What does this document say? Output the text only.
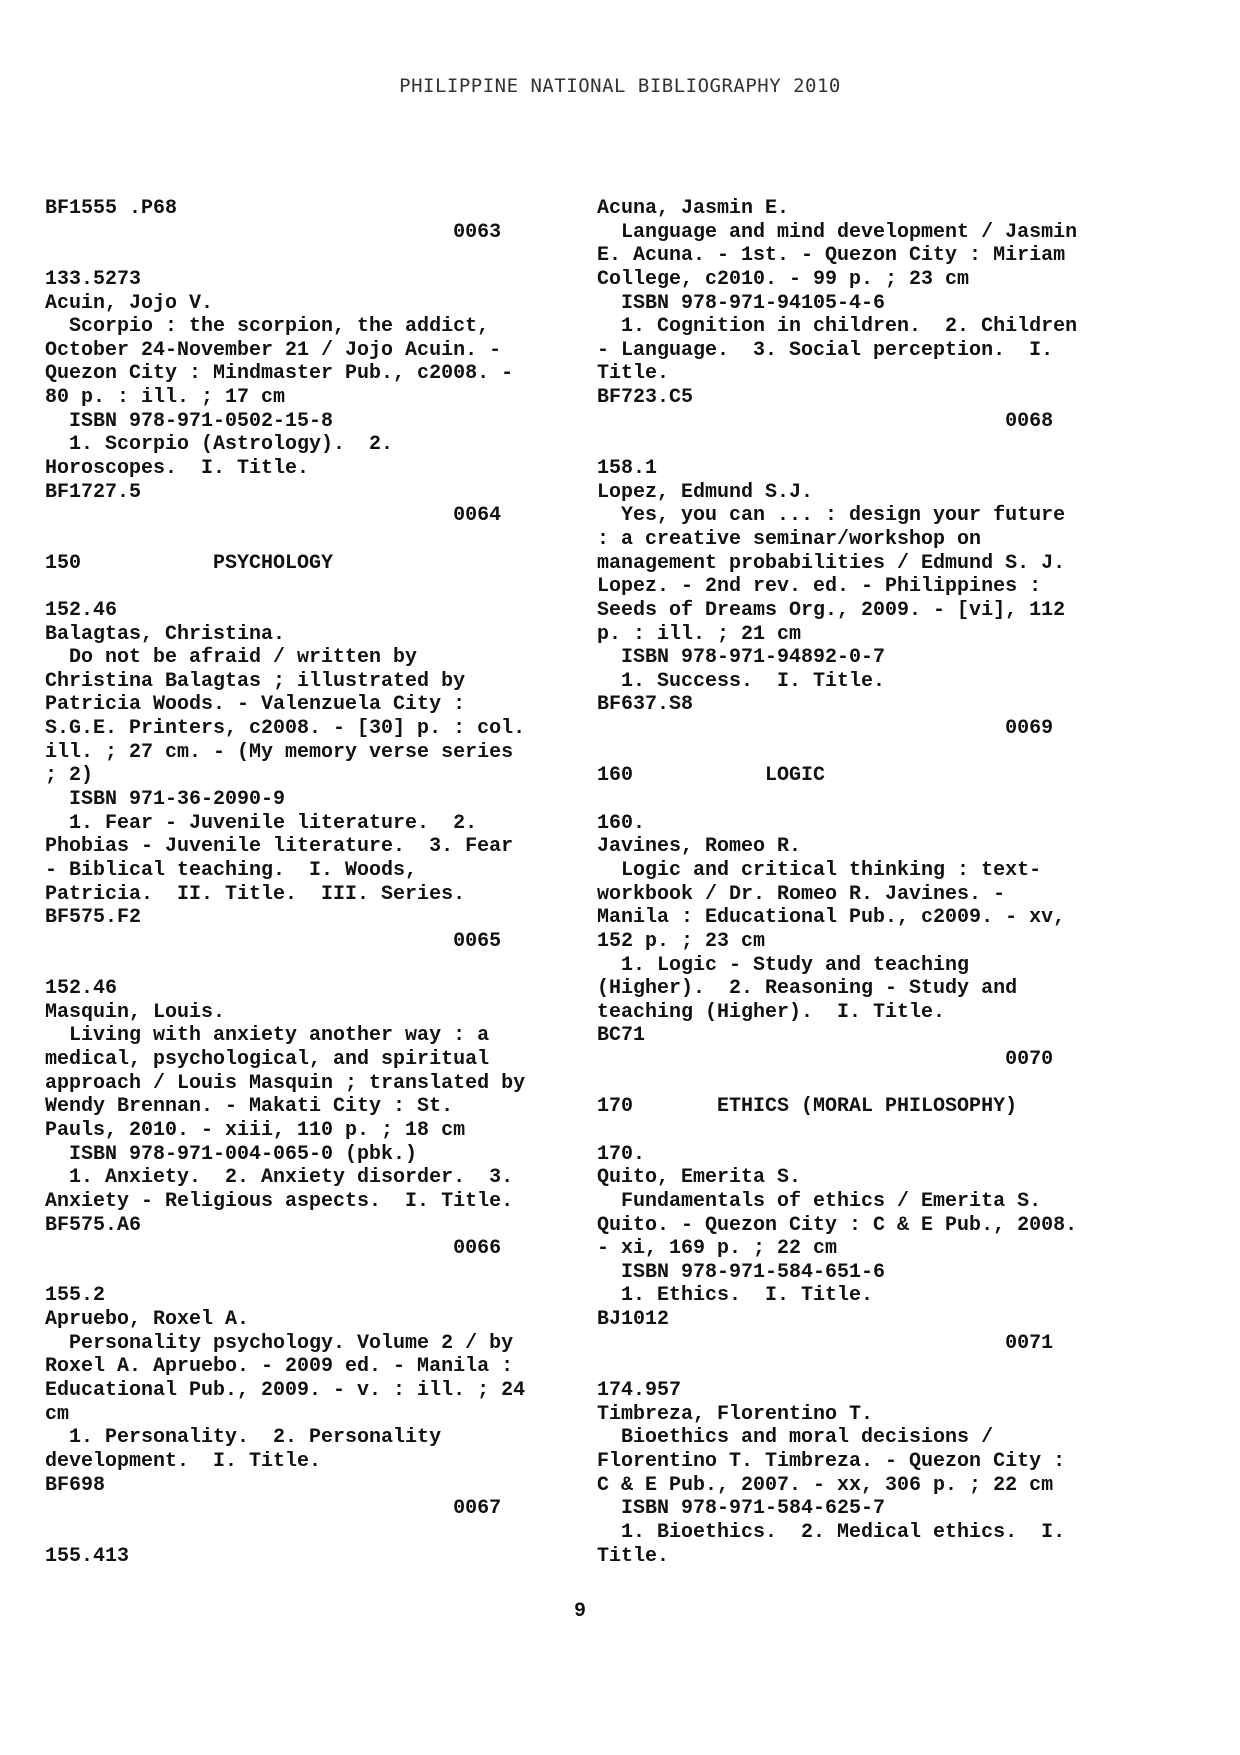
PHILIPPINE NATIONAL BIBLIOGRAPHY 2010
BF1555 .P68
0063
133.5273
Acuin, Jojo V.
Scorpio : the scorpion, the addict,
October 24-November 21 / Jojo Acuin. -
Quezon City : Mindmaster Pub., c2008. -
80 p. : ill. ; 17 cm
ISBN 978-971-0502-15-8
1. Scorpio (Astrology).  2.
Horoscopes.  I. Title.
BF1727.5
0064
150           PSYCHOLOGY
152.46
Balagtas, Christina.
Do not be afraid / written by
Christina Balagtas ; illustrated by
Patricia Woods. - Valenzuela City :
S.G.E. Printers, c2008. - [30] p. : col.
ill. ; 27 cm. - (My memory verse series
; 2)
ISBN 971-36-2090-9
1. Fear - Juvenile literature.  2.
Phobias - Juvenile literature.  3. Fear
- Biblical teaching.  I. Woods,
Patricia.  II. Title.  III. Series.
BF575.F2
0065
152.46
Masquin, Louis.
Living with anxiety another way : a
medical, psychological, and spiritual
approach / Louis Masquin ; translated by
Wendy Brennan. - Makati City : St.
Pauls, 2010. - xiii, 110 p. ; 18 cm
ISBN 978-971-004-065-0 (pbk.)
1. Anxiety.  2. Anxiety disorder.  3.
Anxiety - Religious aspects.  I. Title.
BF575.A6
0066
155.2
Apruebo, Roxel A.
Personality psychology. Volume 2 / by
Roxel A. Apruebo. - 2009 ed. - Manila :
Educational Pub., 2009. - v. : ill. ; 24
cm
1. Personality.  2. Personality
development.  I. Title.
BF698
0067
155.413
Acuna, Jasmin E.
Language and mind development / Jasmin
E. Acuna. - 1st. - Quezon City : Miriam
College, c2010. - 99 p. ; 23 cm
ISBN 978-971-94105-4-6
1. Cognition in children.  2. Children
- Language.  3. Social perception.  I.
Title.
BF723.C5
0068
158.1
Lopez, Edmund S.J.
Yes, you can ... : design your future
: a creative seminar/workshop on
management probabilities / Edmund S. J.
Lopez. - 2nd rev. ed. - Philippines :
Seeds of Dreams Org., 2009. - [vi], 112
p. : ill. ; 21 cm
ISBN 978-971-94892-0-7
1. Success.  I. Title.
BF637.S8
0069
160           LOGIC
160.
Javines, Romeo R.
Logic and critical thinking : text-
workbook / Dr. Romeo R. Javines. -
Manila : Educational Pub., c2009. - xv,
152 p. ; 23 cm
1. Logic - Study and teaching
(Higher).  2. Reasoning - Study and
teaching (Higher).  I. Title.
BC71
0070
170       ETHICS (MORAL PHILOSOPHY)
170.
Quito, Emerita S.
Fundamentals of ethics / Emerita S.
Quito. - Quezon City : C & E Pub., 2008.
- xi, 169 p. ; 22 cm
ISBN 978-971-584-651-6
1. Ethics.  I. Title.
BJ1012
0071
174.957
Timbreza, Florentino T.
Bioethics and moral decisions /
Florentino T. Timbreza. - Quezon City :
C & E Pub., 2007. - xx, 306 p. ; 22 cm
ISBN 978-971-584-625-7
1. Bioethics.  2. Medical ethics.  I.
Title.
9
